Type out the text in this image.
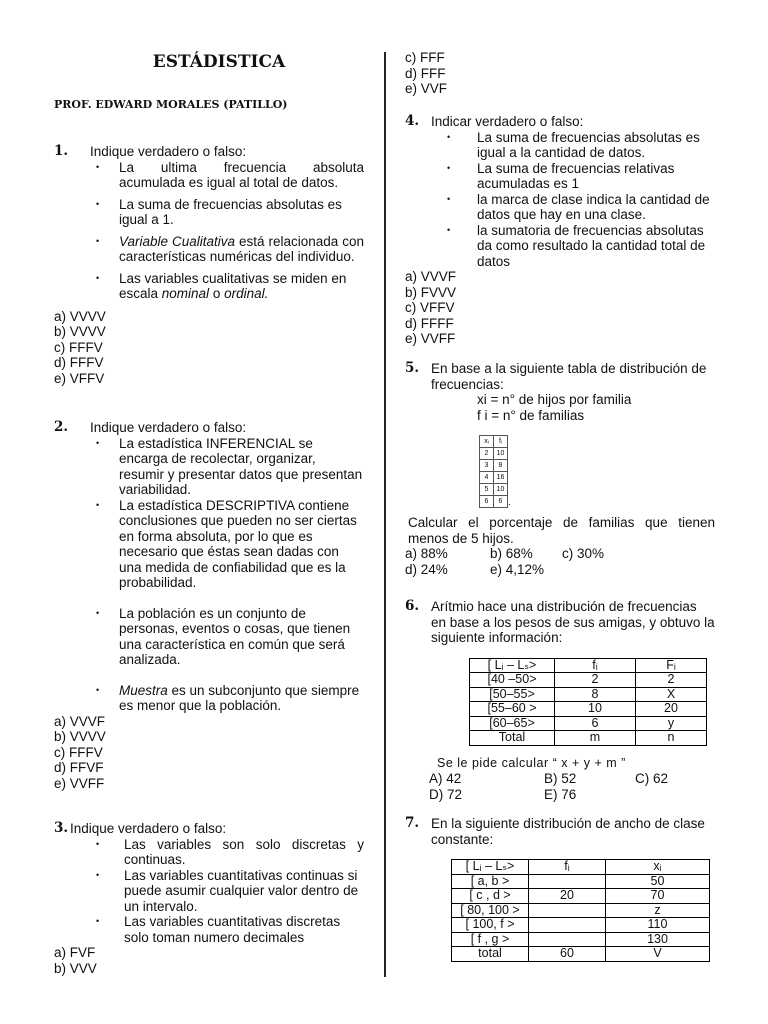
ESTÁDISTICA
PROF. EDWARD MORALES (PATILLO)
1.	Indique verdadero o falso:
• La ultima frecuencia absoluta acumulada es igual al total de datos.
• La suma de frecuencias absolutas es igual a 1.
• Variable Cualitativa está relacionada con características numéricas del individuo.
• Las variables cualitativas se miden en escala nominal o ordinal.
a) VVVV
b) VVVV
c) FFFV
d) FFFV
e) VFFV
2.	Indique verdadero o falso:
• La estadística INFERENCIAL se encarga de recolectar, organizar, resumir y presentar datos que presentan variabilidad.
• La estadística DESCRIPTIVA contiene conclusiones que pueden no ser ciertas en forma absoluta, por lo que es necesario que éstas sean dadas con una medida de confiabilidad que es la probabilidad.
• La población es un conjunto de personas, eventos o cosas, que tienen una característica en común que será analizada.
• Muestra es un subconjunto que siempre es menor que la población.
a) VVVF
b) VVVV
c) FFFV
d) FFVF
e) VVFF
3. Indique verdadero o falso:
• Las variables son solo discretas y continuas.
• Las variables cuantitativas continuas si puede asumir cualquier valor dentro de un intervalo.
• Las variables cuantitativas discretas solo toman numero decimales
a) FVF
b) VVV
c) FFF
d) FFF
e) VVF
4. Indicar verdadero o falso:
• La suma de frecuencias absolutas es igual a la cantidad de datos.
• La suma de frecuencias relativas acumuladas es 1
• la marca de clase indica la cantidad de datos que hay en una clase.
• la sumatoria de frecuencias absolutas da como resultado la cantidad total de datos
a) VVVF
b) FVVV
c) VFFV
d) FFFF
e) VVFF
5. En base a la siguiente tabla de distribución de frecuencias:
xi = n° de hijos por familia
f i = n° de familias
xᵢ	fᵢ
2	10
3	8
4	16
5	10
6	6 .
Calcular el porcentaje de familias que tienen menos de 5 hijos.
a) 88%	b) 68% c) 30%
d) 24%	e) 4,12%
6. Arítmio hace una distribución de frecuencias en base a los pesos de sus amigas, y obtuvo la siguiente información:
[ Lᵢ – Lₛ>	fᵢ	Fᵢ
[40 –50>	2	2
[50–55>	8	X
[55–60 >	10	20
[60–65>	6	y
Total	m	n
Se le pide calcular “ x + y + m ”
A) 42	B) 52	C) 62
D) 72	E) 76
7. En la siguiente distribución de ancho de clase constante:
[ Lᵢ – Lₛ>	fᵢ	xᵢ
[ a, b >		50
[ c , d >	20	70
[ 80, 100 >		z
[ 100, f >		110
[ f , g >		130
total	60	V
